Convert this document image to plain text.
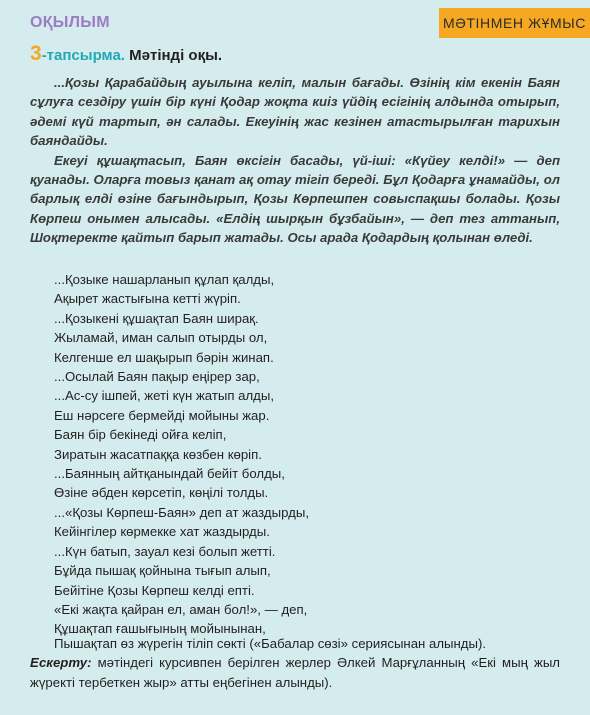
ОҚЫЛЫМ	МӘТІНМЕН ЖҰМЫС
3-тапсырма. Мәтінді оқы.

...Қозы Қарабайдың ауылына келіп, малын бағады. Өзінің кім екенін Баян сұлуға сездіру үшін бір күні Қодар жоқта киіз үйдің есігінің алдында отырып, әдемі күй тартып, ән салады. Екеуінің жас кезінен атастырылған тарихын баяндайды.

Екеуі құшақтасып, Баян өксігін басады, үй-іші: «Күйеу келді!» — деп қуанады. Оларға товыз қанат ақ отау тігіп береді. Бұл Қодарға ұнамайды, ол барлық елді өзіне бағындырып, Қозы Көрпешпен совыспақшы болады. Қозы Көрпеш онымен алысады. «Елдің шырқын бұзбайын», — деп тез аттанып, Шоқтеректе қайтып барып жатады. Осы арада Қодардың қолынан өледі.

...Қозыке нашарланып құлап қалды,
Ақырет жастығына кетті жүріп.
...Қозыкені құшақтап Баян ширақ.
Жыламай, иман салып отырды ол,
Келгенше ел шақырып бәрін жинап.
...Осылай Баян пақыр еңірер зар,
...Ас-су ішпей, жеті күн жатып алды,
Еш нәрсеге бермейді мойыны жар.
Баян бір бекінеді ойға келіп,
Зиратын жасатпаққа көзбен көріп.
...Баянның айтқанындай бейіт болды,
Өзіне әбден көрсетіп, көңілі толды.
...«Қозы Көрпеш-Баян» деп ат жаздырды,
Кейінгілер көрмекке хат жаздырды.
...Күн батып, зауал кезі болып жетті.
Бұйда пышақ қойнына тығып алып,
Бейітіне Қозы Көрпеш келді епті.
«Екі жақта қайран ел, аман бол!», — деп,
Құшақтап ғашығының мойынынан,
Пышақтап өз жүрегін тіліп сөкті («Бабалар сөзі» сериясынан алынды).
Ескерту: мәтіндегі курсивпен берілген жерлер Әлкей Марғұланның «Екі мың жыл жүректі тербеткен жыр» атты еңбегінен алынды).
